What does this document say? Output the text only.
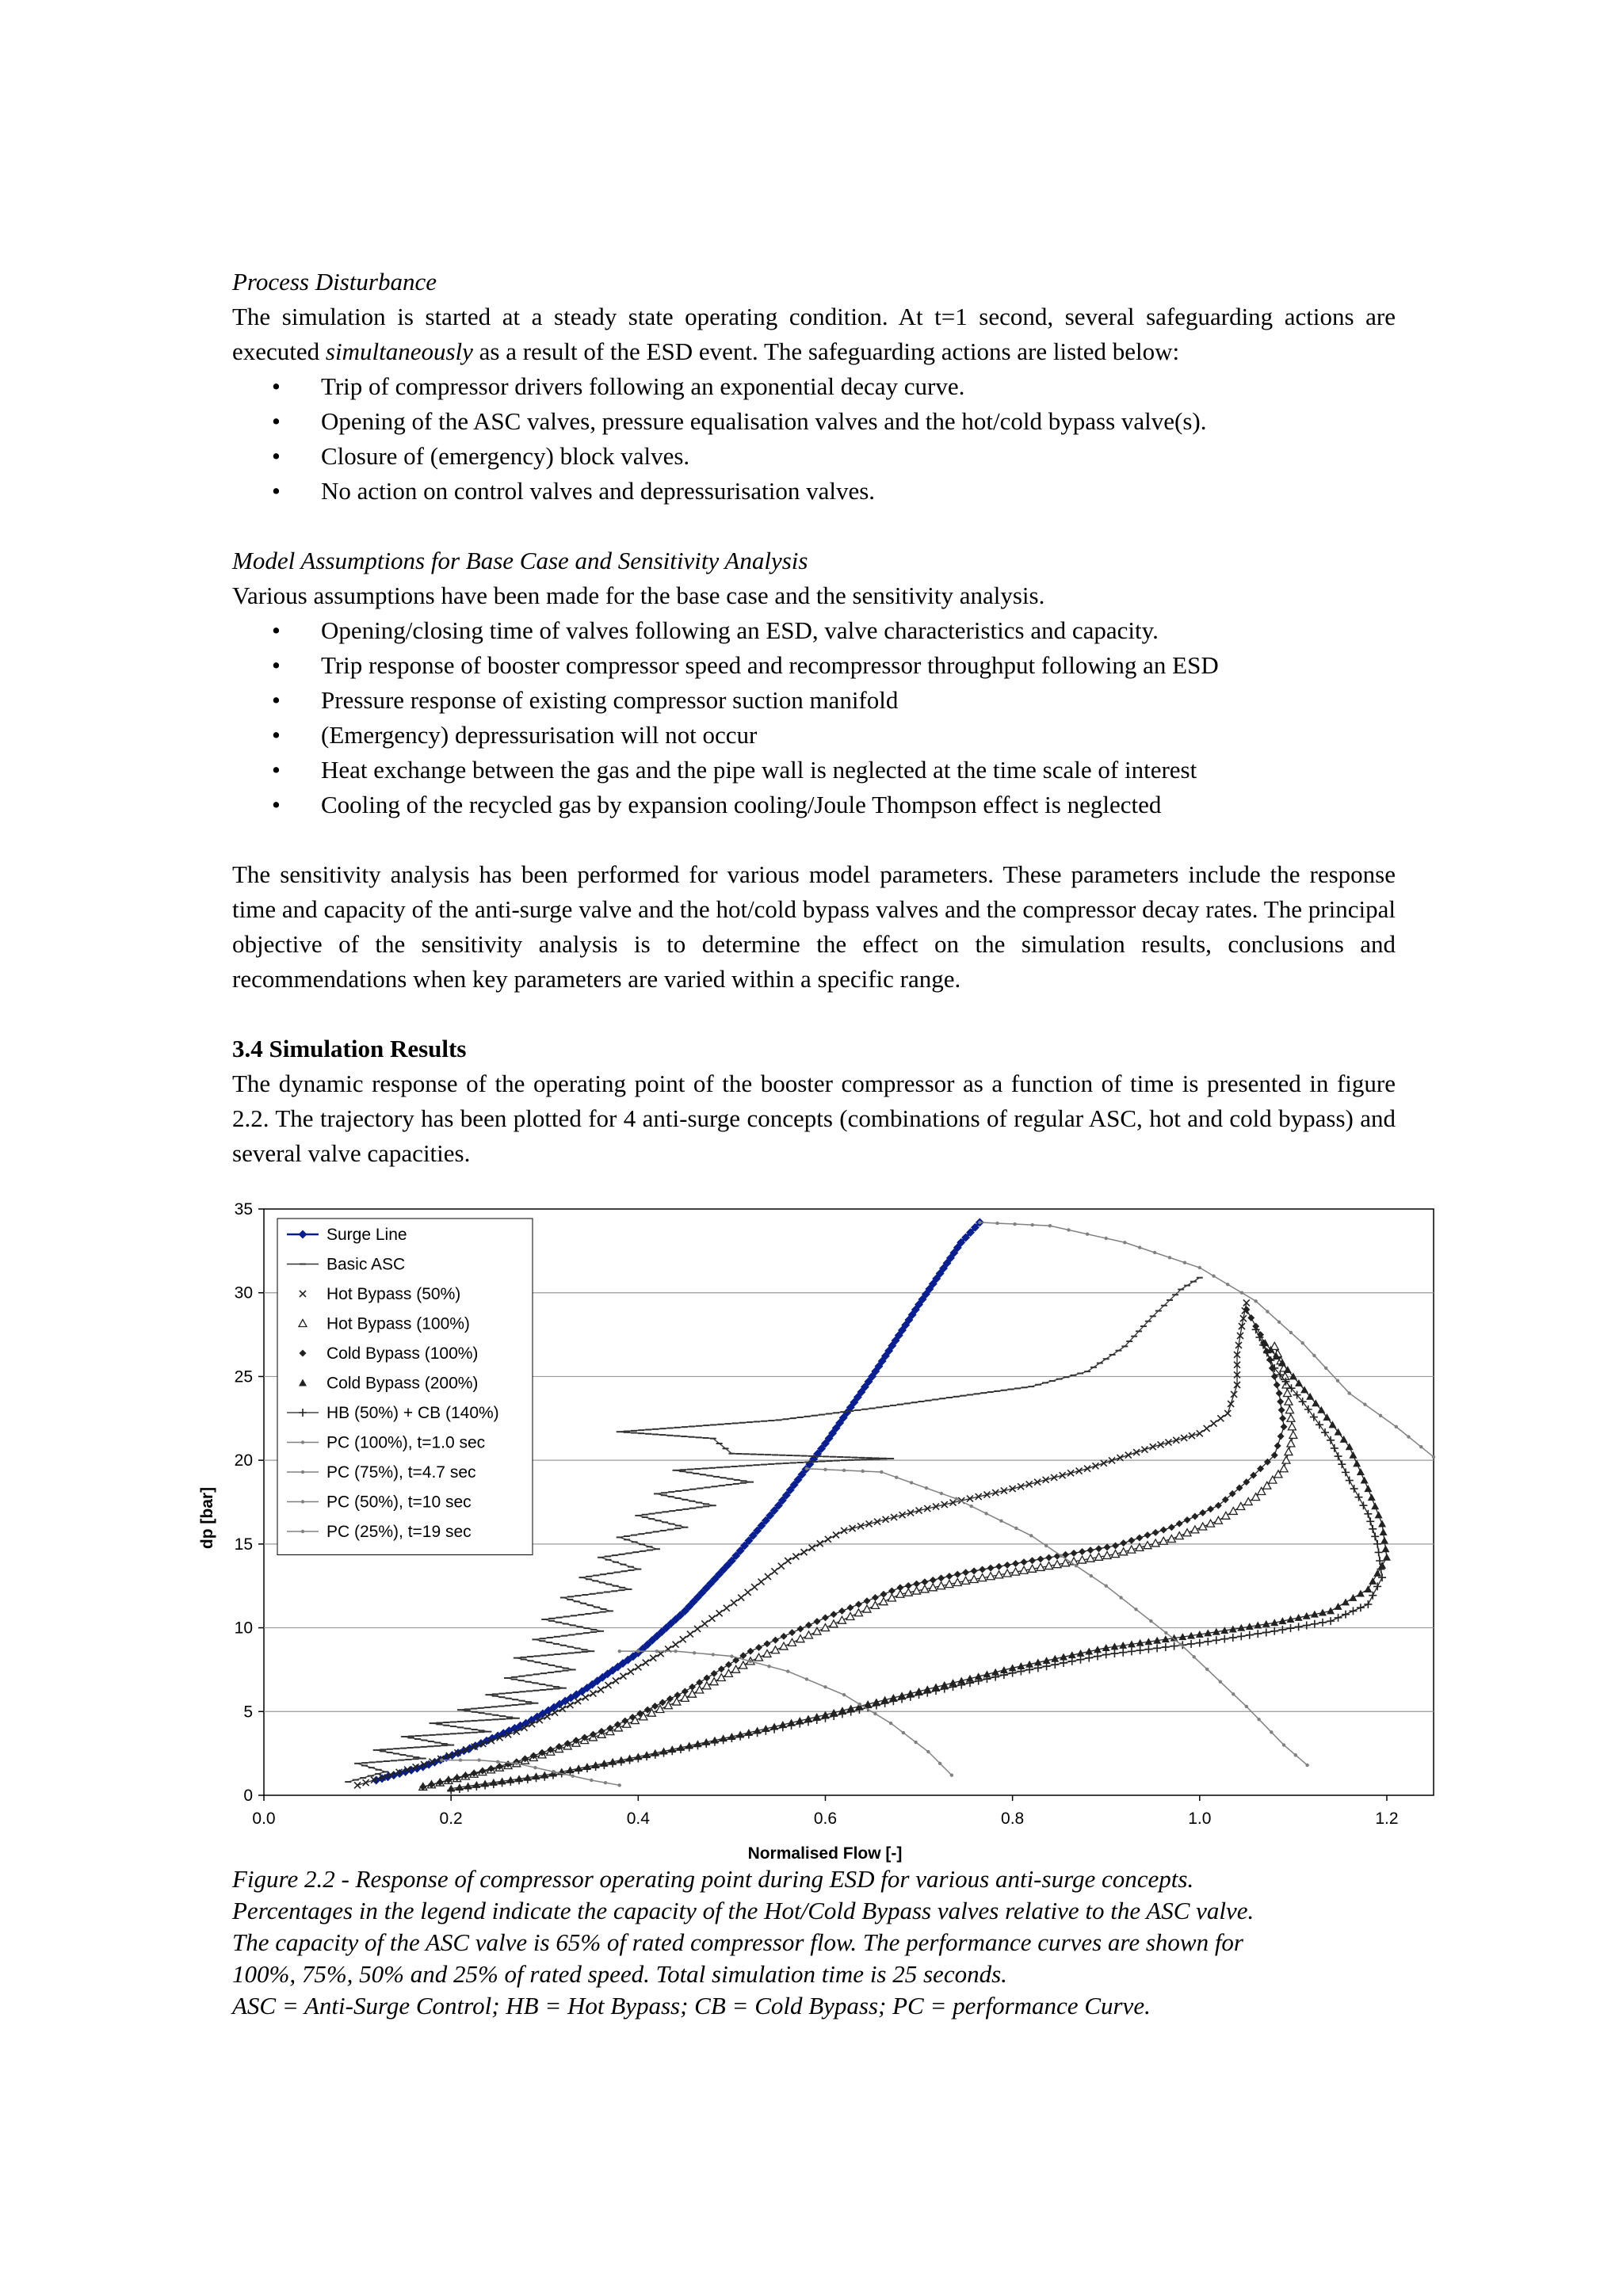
Process Disturbance

The simulation is started at a steady state operating condition. At t=1 second, several safeguarding actions are executed simultaneously as a result of the ESD event. The safeguarding actions are listed below:

• Trip of compressor drivers following an exponential decay curve.
• Opening of the ASC valves, pressure equalisation valves and the hot/cold bypass valve(s).
• Closure of (emergency) block valves.
• No action on control valves and depressurisation valves.
Model Assumptions for Base Case and Sensitivity Analysis

Various assumptions have been made for the base case and the sensitivity analysis.

• Opening/closing time of valves following an ESD, valve characteristics and capacity.
• Trip response of booster compressor speed and recompressor throughput following an ESD
• Pressure response of existing compressor suction manifold
• (Emergency) depressurisation will not occur
• Heat exchange between the gas and the pipe wall is neglected at the time scale of interest
• Cooling of the recycled gas by expansion cooling/Joule Thompson effect is neglected

The sensitivity analysis has been performed for various model parameters. These parameters include the response time and capacity of the anti-surge valve and the hot/cold bypass valves and the compressor decay rates. The principal objective of the sensitivity analysis is to determine the effect on the simulation results, conclusions and recommendations when key parameters are varied within a specific range.

3.4 Simulation Results

The dynamic response of the operating point of the booster compressor as a function of time is presented in figure 2.2. The trajectory has been plotted for 4 anti-surge concepts (combinations of regular ASC, hot and cold bypass) and several valve capacities.

0
5
10
15
20
25
30
35
0.0	0.2	0.4	0.6	0.8	1.0	1.2
Normalised Flow [-]
dp [bar]
Surge Line
Basic ASC
Hot Bypass (50%)
Hot Bypass (100%)
Cold Bypass (100%)
Cold Bypass (200%)
HB (50%) + CB (140%)
PC (100%), t=1.0 sec
PC (75%), t=4.7 sec
PC (50%), t=10 sec
PC (25%), t=19 sec
Figure 2.2 - Response of compressor operating point during ESD for various anti-surge concepts.
Percentages in the legend indicate the capacity of the Hot/Cold Bypass valves relative to the ASC valve.
The capacity of the ASC valve is 65% of rated compressor flow. The performance curves are shown for
100%, 75%, 50% and 25% of rated speed. Total simulation time is 25 seconds.
ASC = Anti-Surge Control; HB = Hot Bypass; CB = Cold Bypass; PC = performance Curve.
